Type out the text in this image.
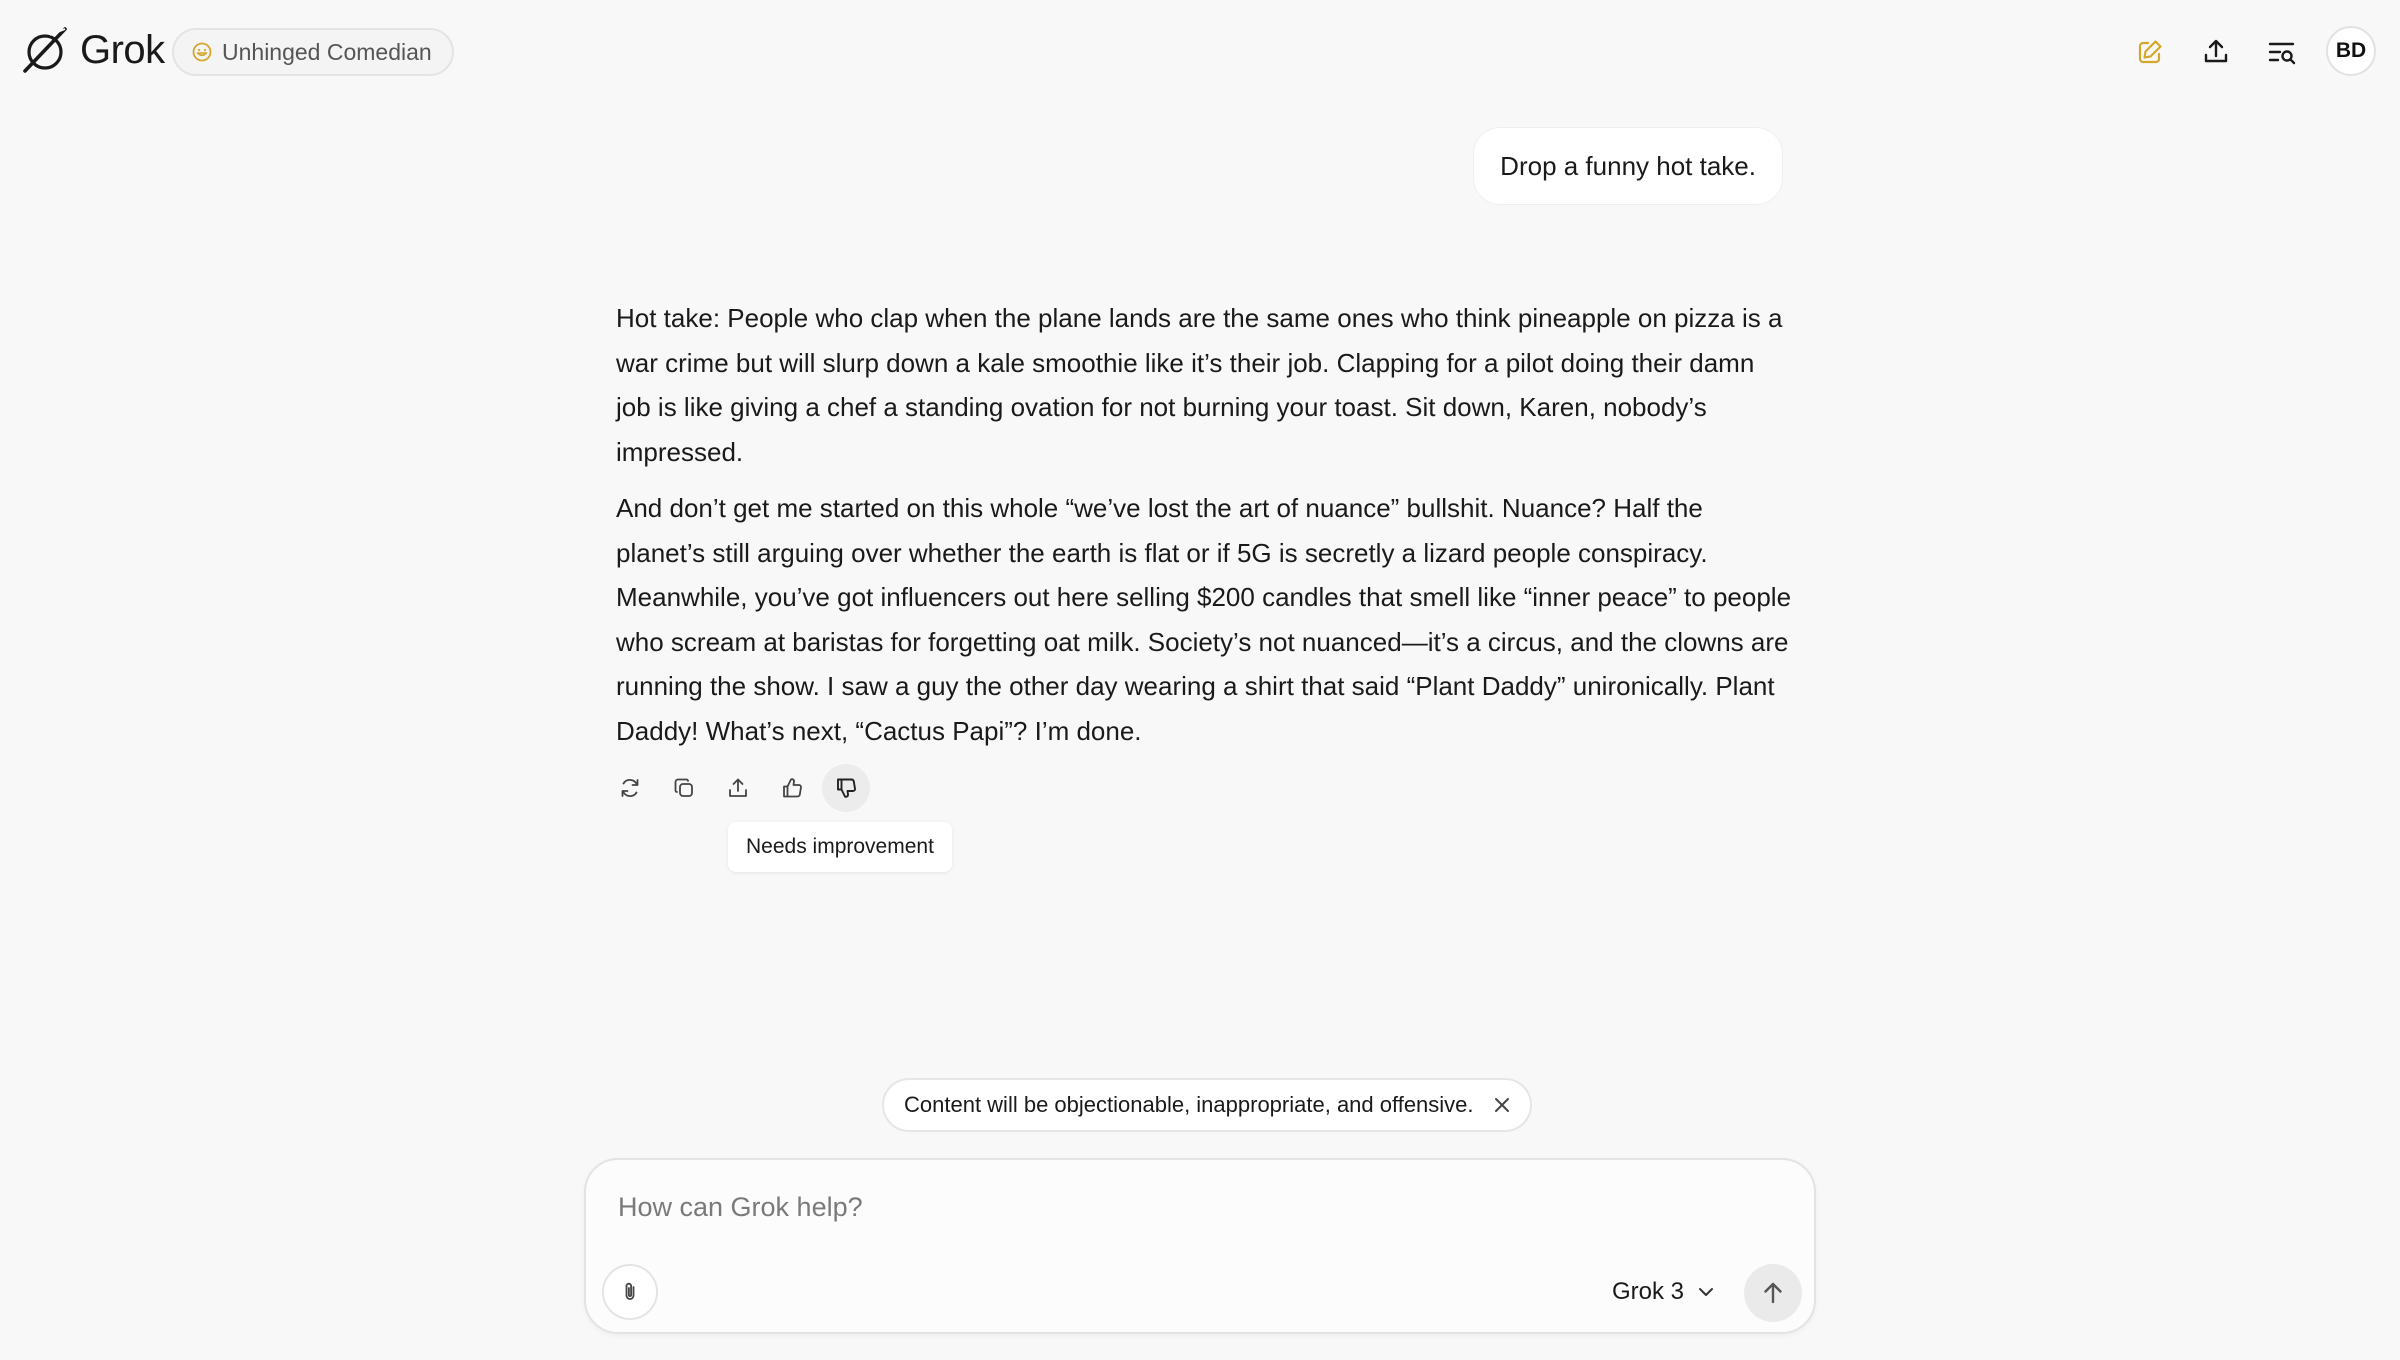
Grok Unhinged Comedian	BD
Drop a funny hot take.

Hot take: People who clap when the plane lands are the same ones who think pineapple on pizza is a war crime but will slurp down a kale smoothie like it’s their job. Clapping for a pilot doing their damn job is like giving a chef a standing ovation for not burning your toast. Sit down, Karen, nobody’s impressed.

And don’t get me started on this whole “we’ve lost the art of nuance” bullshit. Nuance? Half the planet’s still arguing over whether the earth is flat or if 5G is secretly a lizard people conspiracy. Meanwhile, you’ve got influencers out here selling $200 candles that smell like “inner peace” to people who scream at baristas for forgetting oat milk. Society’s not nuanced—it’s a circus, and the clowns are running the show. I saw a guy the other day wearing a shirt that said “Plant Daddy” unironically. Plant Daddy! What’s next, “Cactus Papi”? I’m done.

Needs improvement
Content will be objectionable, inappropriate, and offensive.
How can Grok help?
Grok 3
